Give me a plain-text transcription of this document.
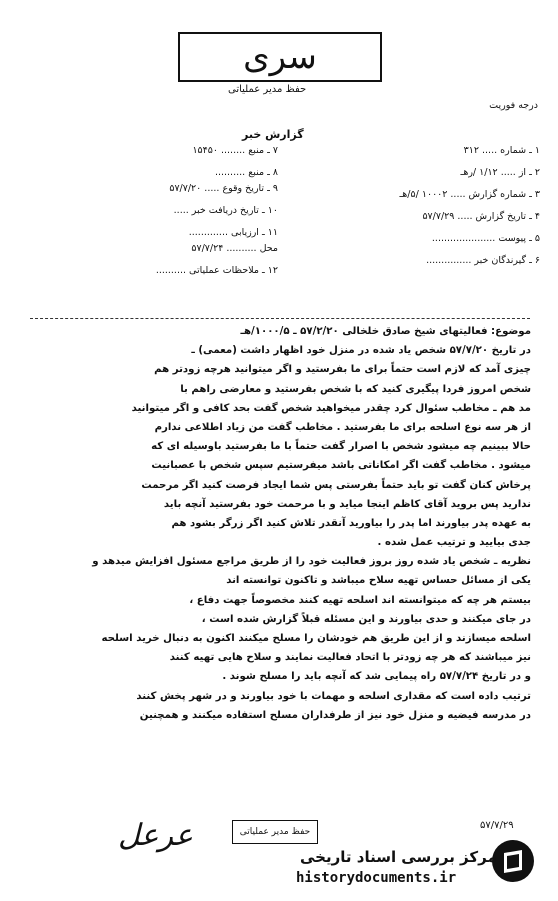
سری
حفظ مدیر عملیاتی
درجه فوریت
گزارش خبر
۱ ـ شماره ..... ۳۱۲
۲ ـ از ..... ۱/۱۲ /رهـ
۳ ـ شماره گزارش ..... ۱۰۰۰۲ /۵/هـ
۴ ـ تاریخ گزارش ..... ۵۷/۷/۲۹
۵ ـ پیوست .....................
۶ ـ گیرندگان خبر ...............
۷ ـ منبع ........ ۱۵۴۵۰
۸ ـ منبع ..........
۹ ـ تاریخ وقوع ..... ۵۷/۷/۲۰
۱۰ ـ تاریخ دریافت خبر .....
۱۱ ـ ارزیابی .............
محل .......... ۵۷/۷/۲۴
۱۲ ـ ملاحظات عملیاتی ..........
موضوع: فعالیتهای شیخ صادق خلخالی ۵۷/۲/۲۰ ـ ۱۰۰۰/۵/هـ
در تاریخ ۵۷/۷/۲۰ شخص یاد شده در منزل خود اظهار داشت (معمی) ـ
چیزی آمد که لازم است حتماً برای ما بفرستید و اگر میتوانید هرچه زودتر هم
شخص امروز فردا پیگیری کنید که با شخص بفرستید و معارضی راهم با
مد هم ـ مخاطب سئوال کرد چقدر میخواهید شخص گفت بحد کافی و اگر میتوانید
از هر سه نوع اسلحه برای ما بفرستید . مخاطب گفت من زیاد اطلاعی ندارم
حالا ببینیم چه میشود شخص با اصرار گفت حتماً با ما بفرستید باوسیله ای که
میشود . مخاطب گفت اگر امکاناتی باشد میفرستیم سپس شخص با عصبانیت
پرخاش کنان گفت تو باید حتماً بفرستی پس شما ایجاد فرصت کنید اگر مرحمت
ندارید پس بروید آقای کاظم اینجا میاید و با مرحمت خود بفرستید آنچه باید
به عهده پدر بیاورند اما پدر را بیاورید آنقدر تلاش کنید اگر زرگر بشود هم
جدی بیایید و ترتیب عمل شده .
نظریه ـ شخص یاد شده روز بروز فعالیت خود را از طریق مراجع مسئول افزایش میدهد و
یکی از مسائل حساس تهیه سلاح میباشد و تاکنون توانسته اند
بیستم هر چه که میتوانسته اند اسلحه تهیه کنند مخصوصاً جهت دفاع ،
در جای میکنند و حدی بیاورند و این مسئله قبلاً گزارش شده است ،
اسلحه میسازند و از این طریق هم خودشان را مسلح میکنند اکنون به دنبال خرید اسلحه
نیز میباشند که هر چه زودتر با اتحاد فعالیت نمایند و سلاح هایی تهیه کنند
و در تاریخ ۵۷/۷/۲۴ راه پیمایی شد که آنچه باید را مسلح شوند .
ترتیب داده است که مقداری اسلحه و مهمات با خود بیاورند و در شهر پخش کنند
در مدرسه فیضیه و منزل خود نیز از طرفداران مسلح استفاده میکنند و همچنین
عرعل	حفظ مدیر عملیاتی
۵۷/۷/۲۹
مرکز بررسی اسناد تاریخی
historydocuments.ir
